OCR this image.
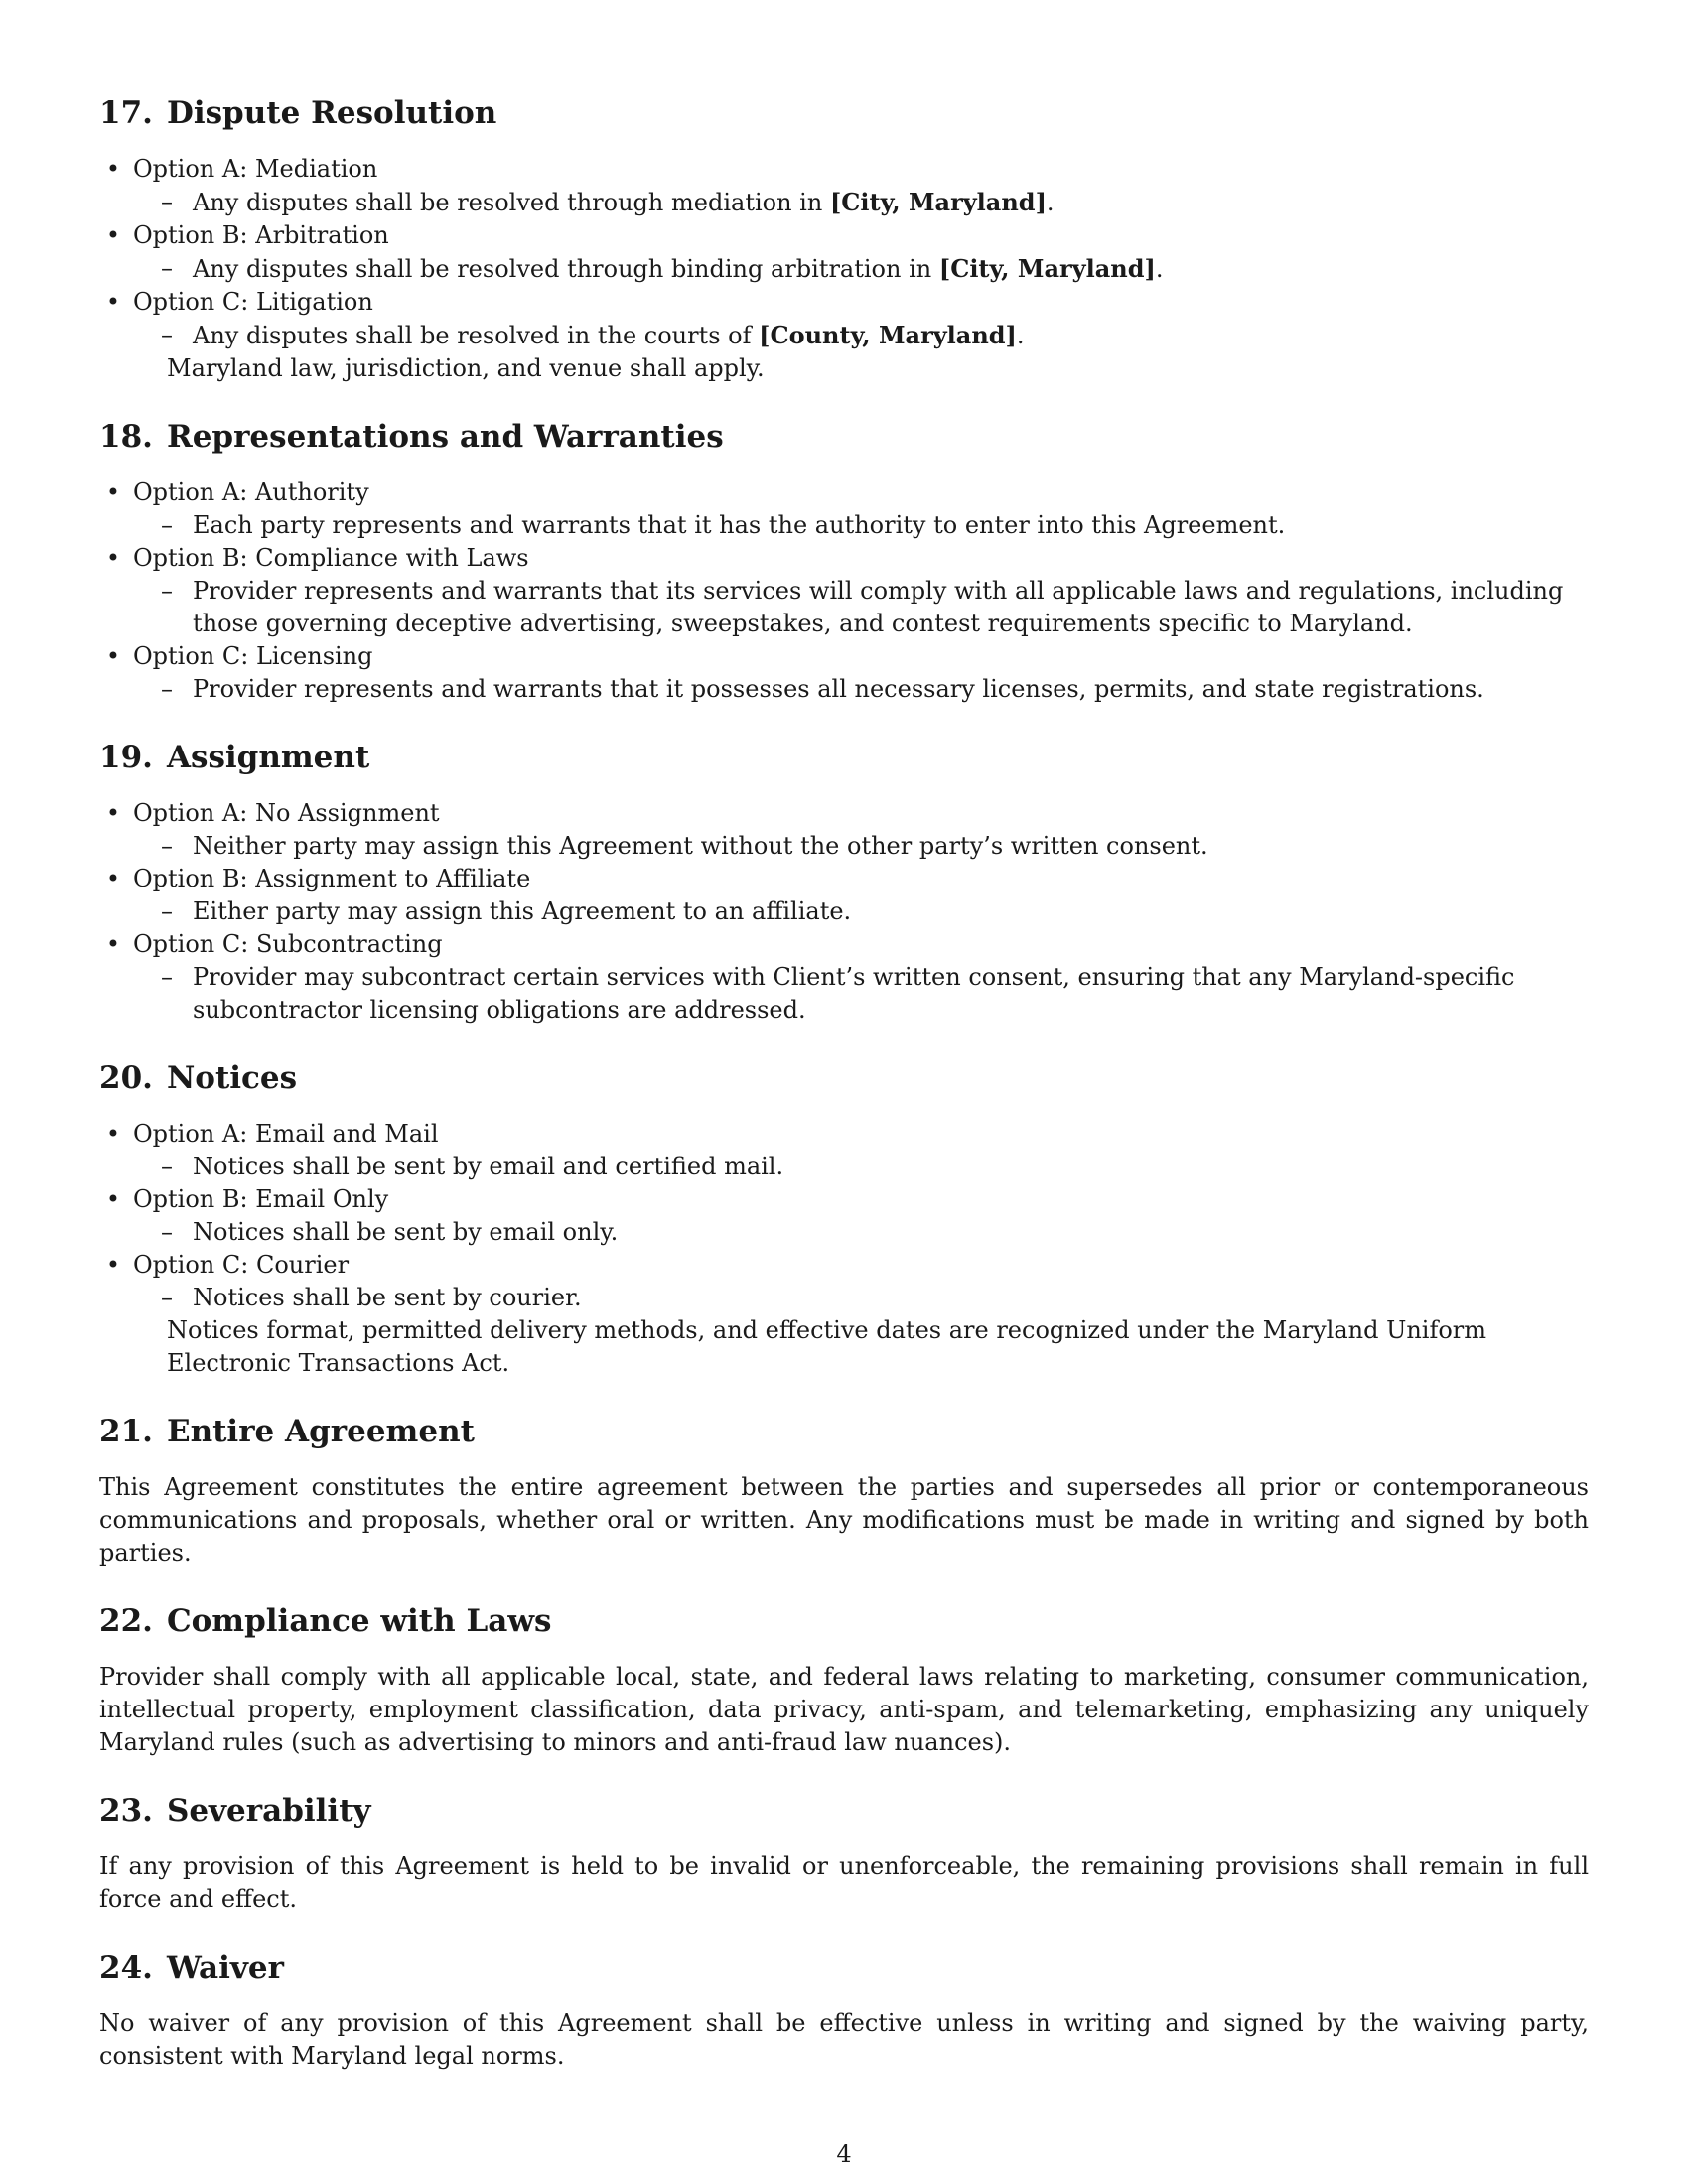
17. Dispute Resolution
• Option A: Mediation
– Any disputes shall be resolved through mediation in [City, Maryland].
• Option B: Arbitration
– Any disputes shall be resolved through binding arbitration in [City, Maryland].
• Option C: Litigation
– Any disputes shall be resolved in the courts of [County, Maryland].
Maryland law, jurisdiction, and venue shall apply.
18. Representations and Warranties
• Option A: Authority
– Each party represents and warrants that it has the authority to enter into this Agreement.
• Option B: Compliance with Laws
– Provider represents and warrants that its services will comply with all applicable laws and regulations, including those governing deceptive advertising, sweepstakes, and contest requirements specific to Maryland.
• Option C: Licensing
– Provider represents and warrants that it possesses all necessary licenses, permits, and state registrations.
19. Assignment
• Option A: No Assignment
– Neither party may assign this Agreement without the other party’s written consent.
• Option B: Assignment to Affiliate
– Either party may assign this Agreement to an affiliate.
• Option C: Subcontracting
– Provider may subcontract certain services with Client’s written consent, ensuring that any Maryland-specific subcontractor licensing obligations are addressed.
20. Notices
• Option A: Email and Mail
– Notices shall be sent by email and certified mail.
• Option B: Email Only
– Notices shall be sent by email only.
• Option C: Courier
– Notices shall be sent by courier.
Notices format, permitted delivery methods, and effective dates are recognized under the Maryland Uniform Electronic Transactions Act.
21. Entire Agreement

This Agreement constitutes the entire agreement between the parties and supersedes all prior or contemporaneous communications and proposals, whether oral or written. Any modifications must be made in writing and signed by both parties.

22. Compliance with Laws

Provider shall comply with all applicable local, state, and federal laws relating to marketing, consumer communication, intellectual property, employment classification, data privacy, anti-spam, and telemarketing, emphasizing any uniquely Maryland rules (such as advertising to minors and anti-fraud law nuances).

23. Severability

If any provision of this Agreement is held to be invalid or unenforceable, the remaining provisions shall remain in full force and effect.

24. Waiver

No waiver of any provision of this Agreement shall be effective unless in writing and signed by the waiving party, consistent with Maryland legal norms.

4
